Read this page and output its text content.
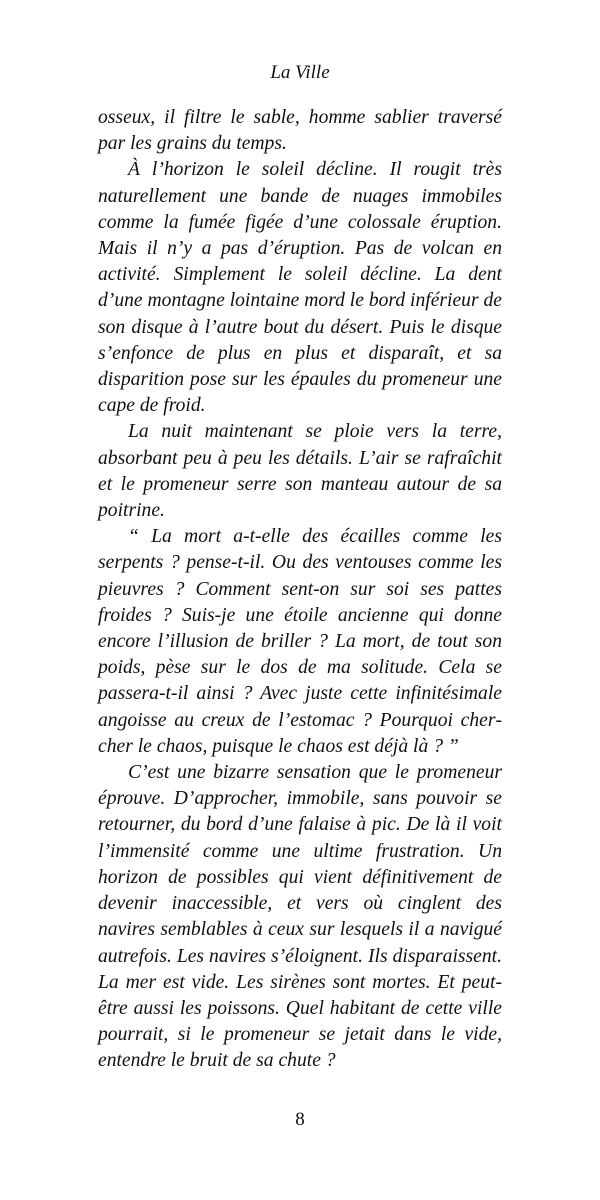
La Ville

osseux, il filtre le sable, homme sablier traversé par les grains du temps.

À l’horizon le soleil décline. Il rougit très naturellement une bande de nuages immobiles comme la fumée figée d’une colossale éruption. Mais il n’y a pas d’éruption. Pas de volcan en activité. Simplement le soleil décline. La dent d’une montagne lointaine mord le bord inférieur de son disque à l’autre bout du désert. Puis le disque s’enfonce de plus en plus et disparaît, et sa disparition pose sur les épaules du promeneur une cape de froid.

La nuit maintenant se ploie vers la terre, absorbant peu à peu les détails. L’air se rafraîchit et le promeneur serre son manteau autour de sa poitrine.

“ La mort a-t-elle des écailles comme les serpents ? pense-t-il. Ou des ventouses comme les pieuvres ? Comment sent-on sur soi ses pattes froides ? Suis-je une étoile ancienne qui donne encore l’illusion de briller ? La mort, de tout son poids, pèse sur le dos de ma solitude. Cela se passera-t-il ainsi ? Avec juste cette infinitésimale angoisse au creux de l’estomac ? Pourquoi chercher le chaos, puisque le chaos est déjà là ? ”

C’est une bizarre sensation que le promeneur éprouve. D’approcher, immobile, sans pouvoir se retourner, du bord d’une falaise à pic. De là il voit l’immensité comme une ultime frustration. Un horizon de possibles qui vient définitivement de devenir inaccessible, et vers où cinglent des navires semblables à ceux sur lesquels il a navigué autrefois. Les navires s’éloignent. Ils disparaissent. La mer est vide. Les sirènes sont mortes. Et peut-être aussi les poissons. Quel habitant de cette ville pourrait, si le promeneur se jetait dans le vide, entendre le bruit de sa chute ?

8
